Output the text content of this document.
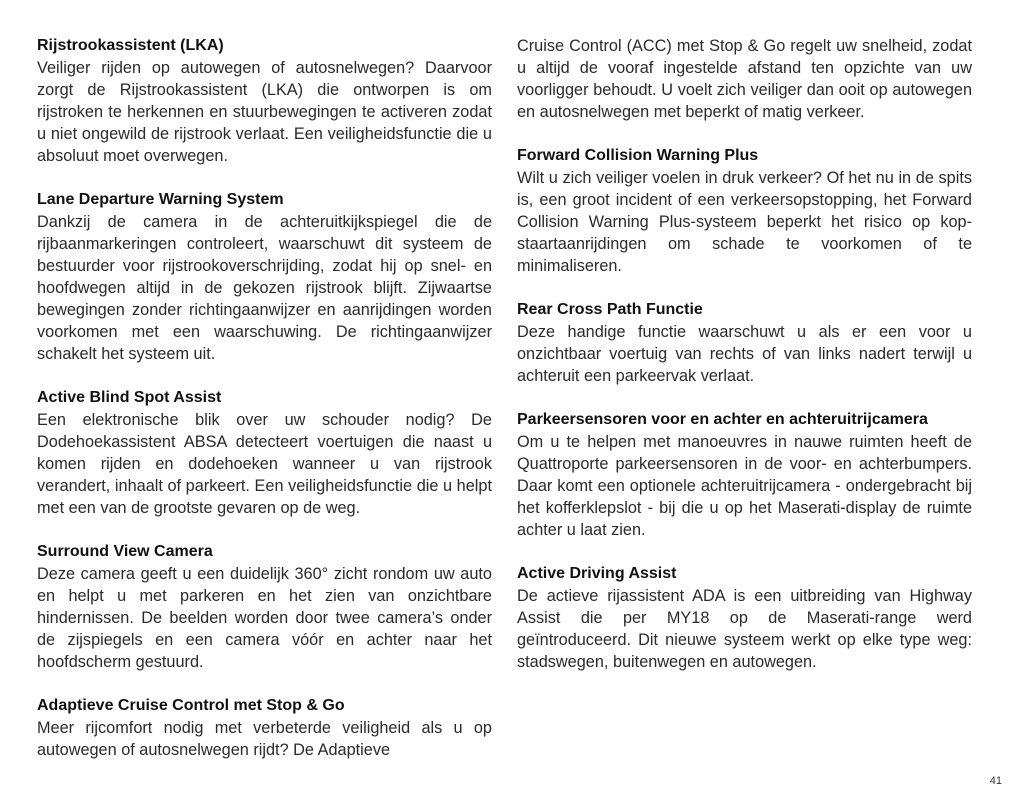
Rijstrookassistent (LKA)

Veiliger rijden op autowegen of autosnelwegen? Daarvoor zorgt de Rijstrookassistent (LKA) die ontworpen is om rijstroken te herkennen en stuurbewegingen te activeren zodat u niet ongewild de rijstrook verlaat. Een veiligheidsfunctie die u absoluut moet overwegen.

Lane Departure Warning System

Dankzij de camera in de achteruitkijkspiegel die de rijbaanmarkeringen controleert, waarschuwt dit systeem de bestuurder voor rijstrookoverschrijding, zodat hij op snel- en hoofdwegen altijd in de gekozen rijstrook blijft. Zijwaartse bewegingen zonder richtingaanwijzer en aanrijdingen worden voorkomen met een waarschuwing. De richtingaanwijzer schakelt het systeem uit.

Active Blind Spot Assist

Een elektronische blik over uw schouder nodig? De Dodehoekassistent ABSA detecteert voertuigen die naast u komen rijden en dodehoeken wanneer u van rijstrook verandert, inhaalt of parkeert. Een veiligheidsfunctie die u helpt met een van de grootste gevaren op de weg.

Surround View Camera

Deze camera geeft u een duidelijk 360° zicht rondom uw auto en helpt u met parkeren en het zien van onzichtbare hindernissen. De beelden worden door twee camera’s onder de zijspiegels en een camera vóór en achter naar het hoofdscherm gestuurd.

Adaptieve Cruise Control met Stop & Go

Meer rijcomfort nodig met verbeterde veiligheid als u op autowegen of autosnelwegen rijdt? De Adaptieve

Cruise Control (ACC) met Stop & Go regelt uw snelheid, zodat u altijd de vooraf ingestelde afstand ten opzichte van uw voorligger behoudt. U voelt zich veiliger dan ooit op autowegen en autosnelwegen met beperkt of matig verkeer.

Forward Collision Warning Plus

Wilt u zich veiliger voelen in druk verkeer? Of het nu in de spits is, een groot incident of een verkeersopstopping, het Forward Collision Warning Plus-systeem beperkt het risico op kop-staartaanrijdingen om schade te voorkomen of te minimaliseren.

Rear Cross Path Functie

Deze handige functie waarschuwt u als er een voor u onzichtbaar voertuig van rechts of van links nadert terwijl u achteruit een parkeervak verlaat.

Parkeersensoren voor en achter en achteruitrijcamera

Om u te helpen met manoeuvres in nauwe ruimten heeft de Quattroporte parkeersensoren in de voor- en achterbumpers. Daar komt een optionele achteruitrijcamera - ondergebracht bij het kofferklepslot - bij die u op het Maserati-display de ruimte achter u laat zien.

Active Driving Assist

De actieve rijassistent ADA is een uitbreiding van Highway Assist die per MY18 op de Maserati-range werd geïntroduceerd. Dit nieuwe systeem werkt op elke type weg: stadswegen, buitenwegen en autowegen.

41
